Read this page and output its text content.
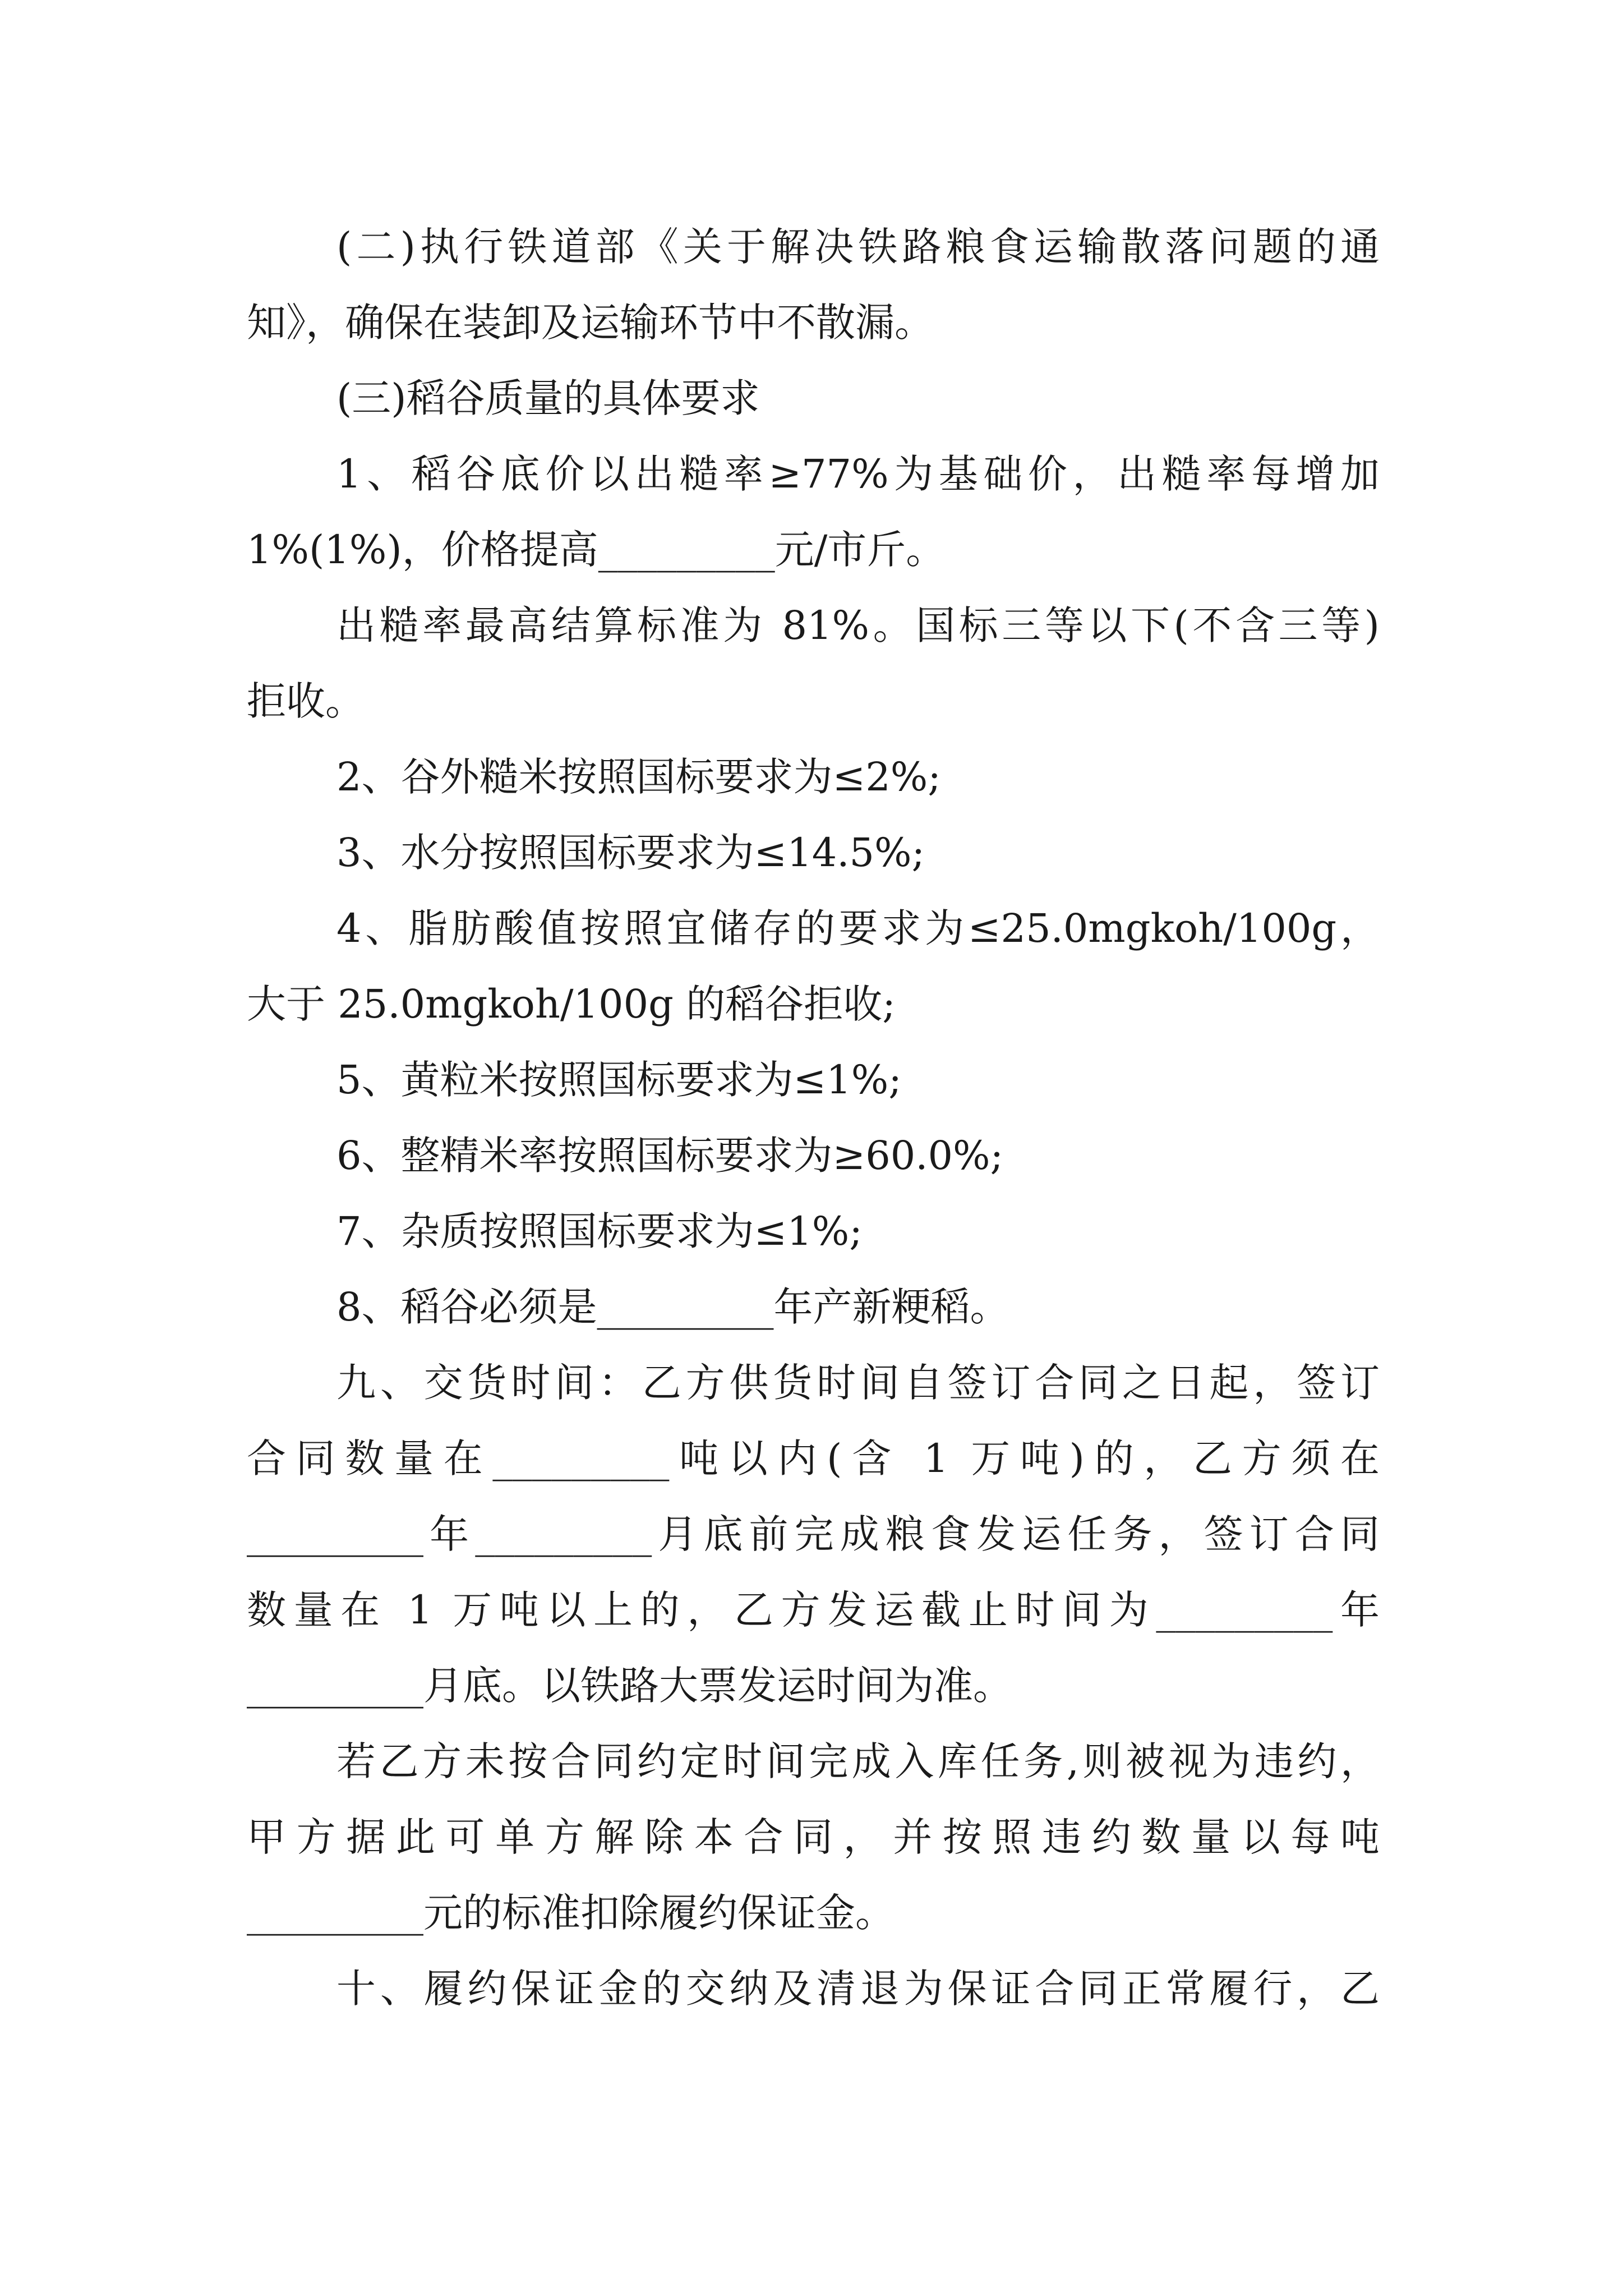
(二)执行铁道部《关于解决铁路粮食运输散落问题的通
知》，确保在装卸及运输环节中不散漏。
(三)稻谷质量的具体要求
1、稻谷底价以出糙率≥77%为基础价，出糙率每增加
1%(1%)，价格提高_________元/市斤。
出糙率最高结算标准为 81%。国标三等以下(不含三等)
拒收。
2、谷外糙米按照国标要求为≤2%;
3、水分按照国标要求为≤14.5%;
4、脂肪酸值按照宜储存的要求为≤25.0mgkoh/100g，
大于 25.0mgkoh/100g 的稻谷拒收;
5、黄粒米按照国标要求为≤1%;
6、整精米率按照国标要求为≥60.0%;
7、杂质按照国标要求为≤1%;
8、稻谷必须是_________年产新粳稻。
九、交货时间：乙方供货时间自签订合同之日起，签订
合同数量在_________吨以内(含 1 万吨)的，乙方须在
_________年_________月底前完成粮食发运任务，签订合同
数量在 1 万吨以上的，乙方发运截止时间为_________年
_________月底。以铁路大票发运时间为准。
若乙方未按合同约定时间完成入库任务,则被视为违约，
甲方据此可单方解除本合同，并按照违约数量以每吨
_________元的标准扣除履约保证金。
十、履约保证金的交纳及清退为保证合同正常履行，乙
